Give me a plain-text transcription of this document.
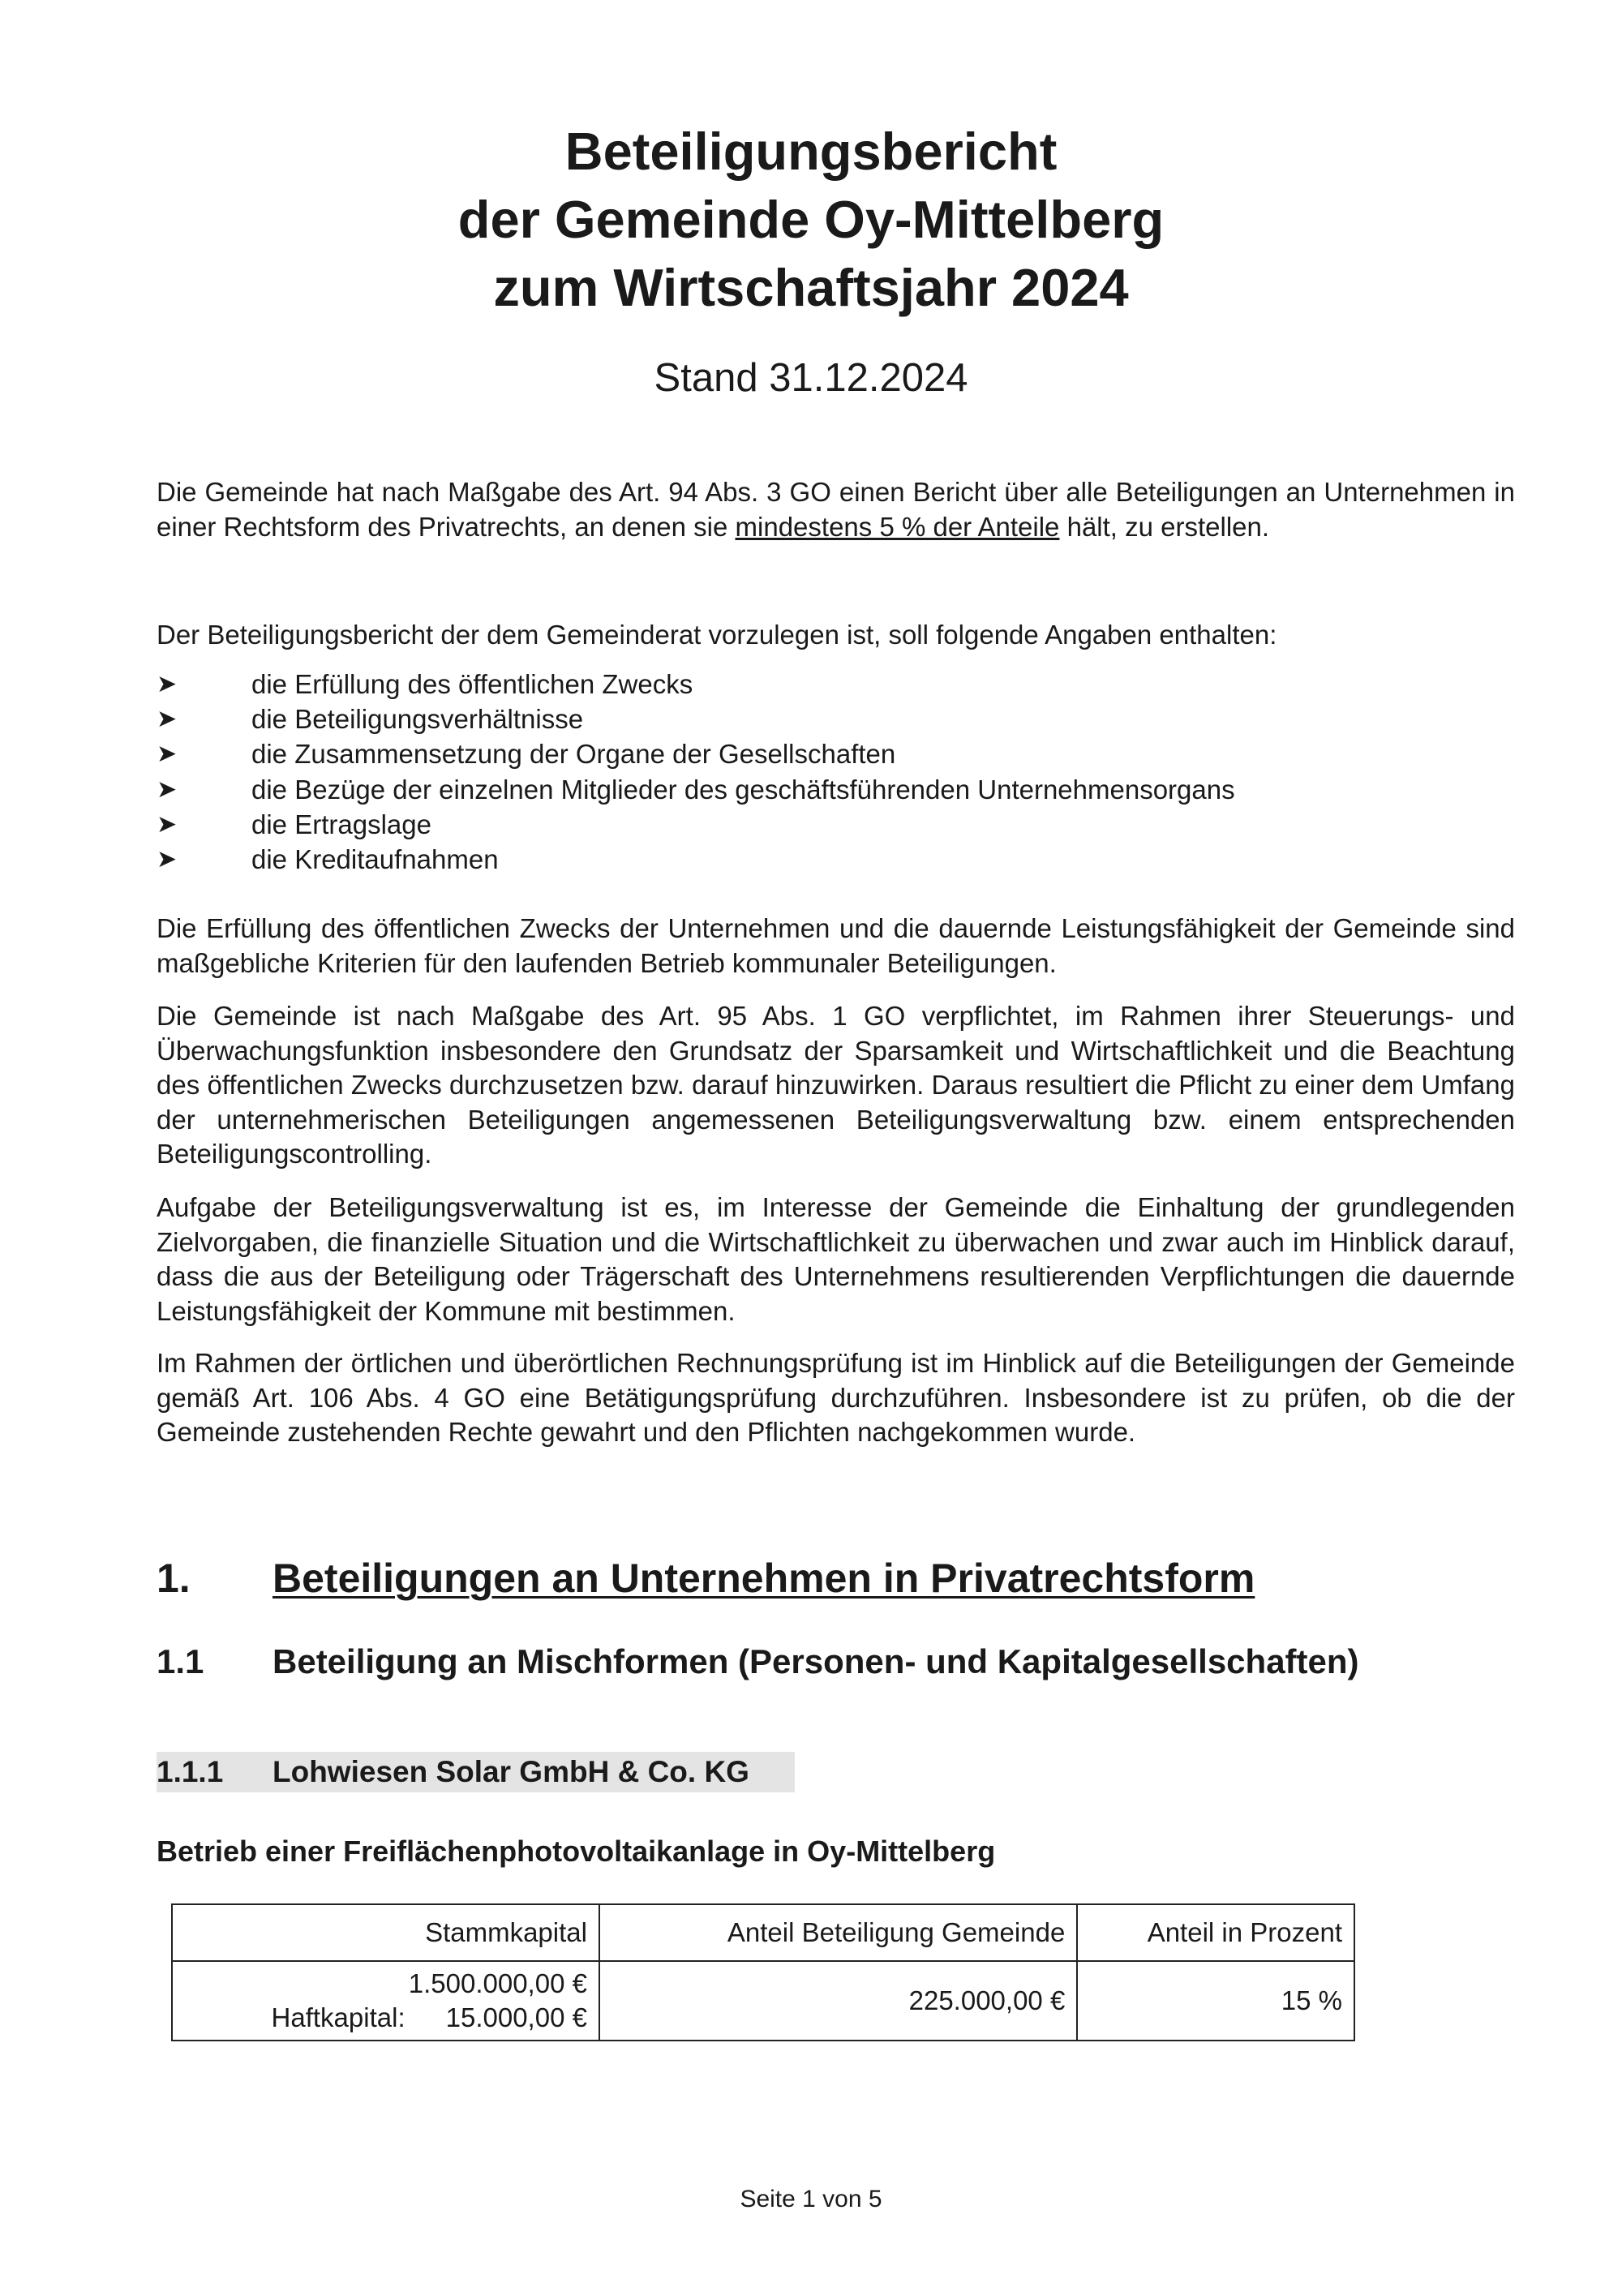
Beteiligungsbericht
der Gemeinde Oy-Mittelberg
zum Wirtschaftsjahr 2024
Stand 31.12.2024
Die Gemeinde hat nach Maßgabe des Art. 94 Abs. 3 GO einen Bericht über alle Beteiligungen an Unternehmen in einer Rechtsform des Privatrechts, an denen sie mindestens 5 % der Anteile hält, zu erstellen.
Der Beteiligungsbericht der dem Gemeinderat vorzulegen ist, soll folgende Angaben enthalten:
➤	die Erfüllung des öffentlichen Zwecks
➤	die Beteiligungsverhältnisse
➤	die Zusammensetzung der Organe der Gesellschaften
➤	die Bezüge der einzelnen Mitglieder des geschäftsführenden Unternehmensorgans
➤	die Ertragslage
➤	die Kreditaufnahmen
Die Erfüllung des öffentlichen Zwecks der Unternehmen und die dauernde Leistungsfähigkeit der Gemeinde sind maßgebliche Kriterien für den laufenden Betrieb kommunaler Beteiligungen.
Die Gemeinde ist nach Maßgabe des Art. 95 Abs. 1 GO verpflichtet, im Rahmen ihrer Steuerungs- und Überwachungsfunktion insbesondere den Grundsatz der Sparsamkeit und Wirtschaftlichkeit und die Beachtung des öffentlichen Zwecks durchzusetzen bzw. darauf hinzuwirken. Daraus resultiert die Pflicht zu einer dem Umfang der unternehmerischen Beteiligungen angemessenen Beteiligungsverwaltung bzw. einem entsprechenden Beteiligungscontrolling.
Aufgabe der Beteiligungsverwaltung ist es, im Interesse der Gemeinde die Einhaltung der grundlegenden Zielvorgaben, die finanzielle Situation und die Wirtschaftlichkeit zu überwachen und zwar auch im Hinblick darauf, dass die aus der Beteiligung oder Trägerschaft des Unternehmens resultierenden Verpflichtungen die dauernde Leistungsfähigkeit der Kommune mit bestimmen.
Im Rahmen der örtlichen und überörtlichen Rechnungsprüfung ist im Hinblick auf die Beteiligungen der Gemeinde gemäß Art. 106 Abs. 4 GO eine Betätigungsprüfung durchzuführen. Insbesondere ist zu prüfen, ob die der Gemeinde zustehenden Rechte gewahrt und den Pflichten nachgekommen wurde.
1. Beteiligungen an Unternehmen in Privatrechtsform
1.1 Beteiligung an Mischformen (Personen- und Kapitalgesellschaften)
1.1.1 Lohwiesen Solar GmbH & Co. KG
Betrieb einer Freiflächenphotovoltaikanlage in Oy-Mittelberg
Stammkapital	Anteil Beteiligung Gemeinde	Anteil in Prozent

1.500.000,00 €
Haftkapital: 15.000,00 €	225.000,00 €	15 %
Seite 1 von 5
